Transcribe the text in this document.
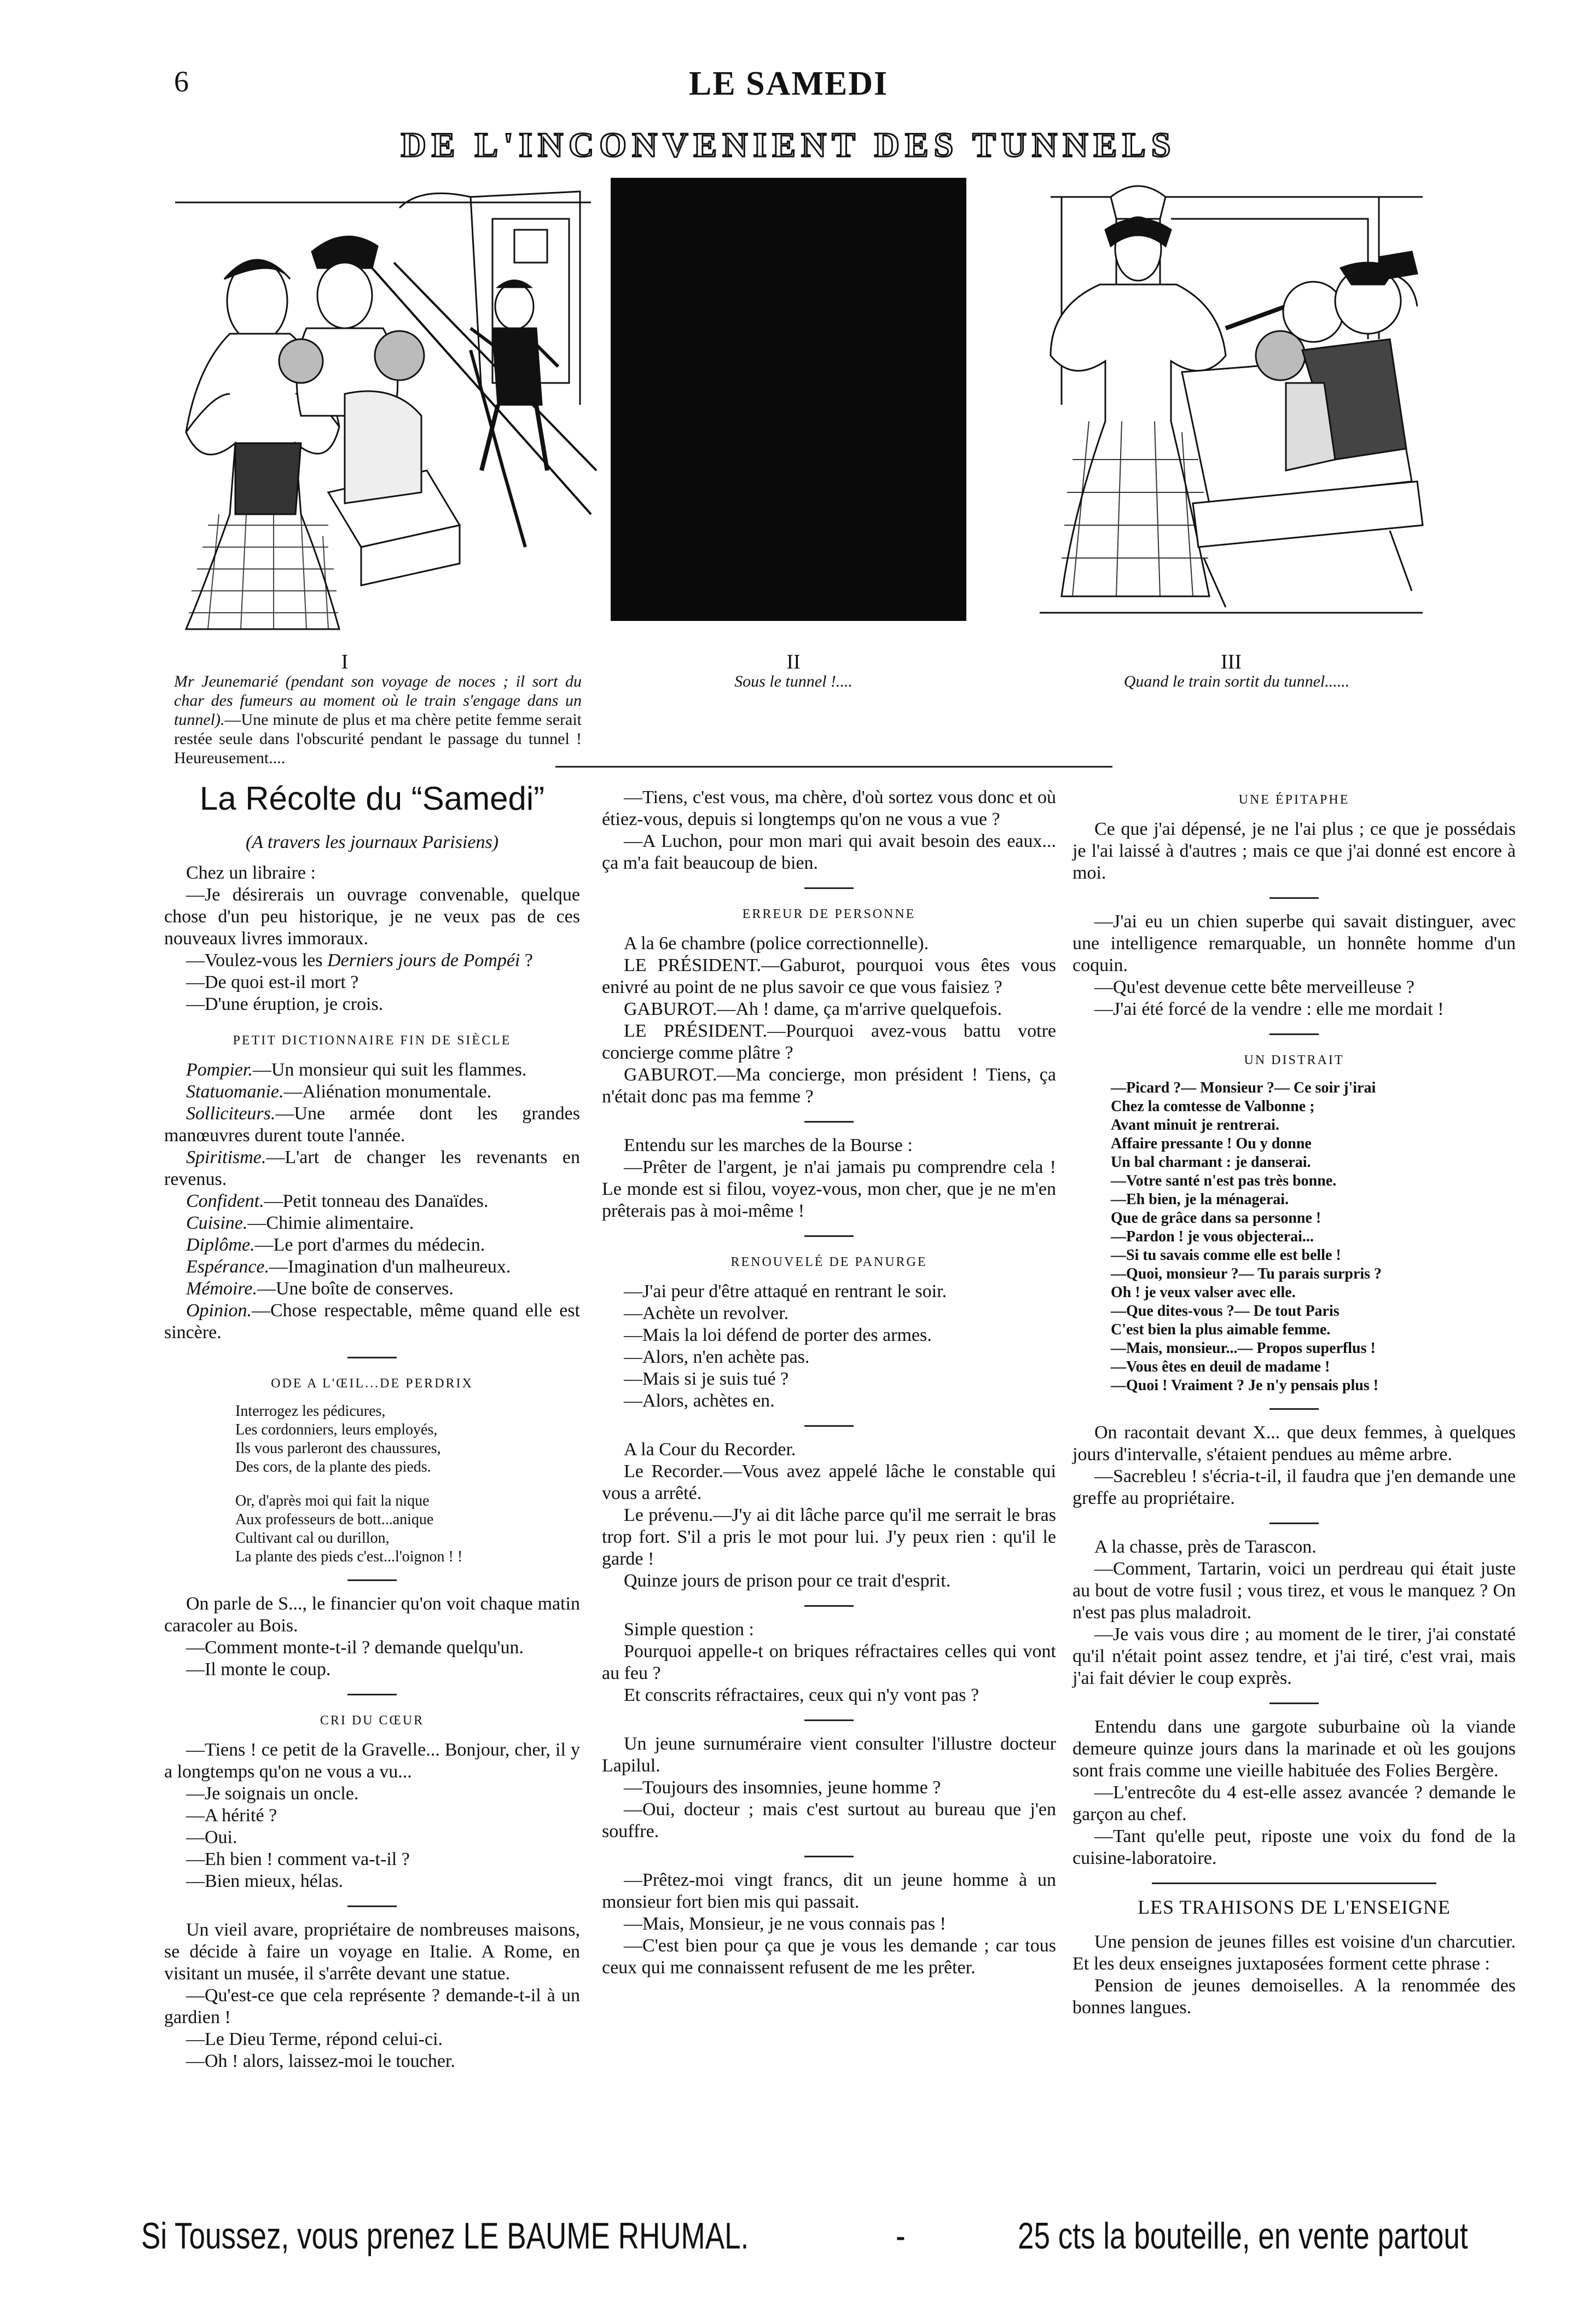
6	LE SAMEDI
DE L'INCONVENIENT DES TUNNELS
I
Mr Jeunemarié (pendant son voyage de noces ; il sort du char des fumeurs au moment où le train s'engage dans un tunnel).—Une minute de plus et ma chère petite femme serait restée seule dans l'obscurité pendant le passage du tunnel ! Heureusement....
II
Sous le tunnel !....
III
Quand le train sortit du tunnel......
La Récolte du “Samedi”
(A travers les journaux Parisiens)

Chez un libraire :

—Je désirerais un ouvrage convenable, quelque chose d'un peu historique, je ne veux pas de ces nouveaux livres immoraux.

—Voulez-vous les Derniers jours de Pompéi ?

—De quoi est-il mort ?

—D'une éruption, je crois.

PETIT DICTIONNAIRE FIN DE SIÈCLE

Pompier.—Un monsieur qui suit les flammes.

Statuomanie.—Aliénation monumentale.

Solliciteurs.—Une armée dont les grandes manœuvres durent toute l'année.

Spiritisme.—L'art de changer les revenants en revenus.

Confident.—Petit tonneau des Danaïdes.

Cuisine.—Chimie alimentaire.

Diplôme.—Le port d'armes du médecin.

Espérance.—Imagination d'un malheureux.

Mémoire.—Une boîte de conserves.

Opinion.—Chose respectable, même quand elle est sincère.

ODE A L'ŒIL...DE PERDRIX
Interrogez les pédicures,
Les cordonniers, leurs employés,
Ils vous parleront des chaussures,
Des cors, de la plante des pieds.
Or, d'après moi qui fait la nique
Aux professeurs de bott...anique
Cultivant cal ou durillon,
La plante des pieds c'est...l'oignon ! !

On parle de S..., le financier qu'on voit chaque matin caracoler au Bois.

—Comment monte-t-il ? demande quelqu'un.

—Il monte le coup.

CRI DU CŒUR

—Tiens ! ce petit de la Gravelle... Bonjour, cher, il y a longtemps qu'on ne vous a vu...

—Je soignais un oncle.

—A hérité ?

—Oui.

—Eh bien ! comment va-t-il ?

—Bien mieux, hélas.

Un vieil avare, propriétaire de nombreuses maisons, se décide à faire un voyage en Italie. A Rome, en visitant un musée, il s'arrête devant une statue.

—Qu'est-ce que cela représente ? demande-t-il à un gardien !

—Le Dieu Terme, répond celui-ci.

—Oh ! alors, laissez-moi le toucher.

—Tiens, c'est vous, ma chère, d'où sortez vous donc et où étiez-vous, depuis si longtemps qu'on ne vous a vue ?

—A Luchon, pour mon mari qui avait besoin des eaux... ça m'a fait beaucoup de bien.

ERREUR DE PERSONNE

A la 6e chambre (police correctionnelle).

LE PRÉSIDENT.—Gaburot, pourquoi vous êtes vous enivré au point de ne plus savoir ce que vous faisiez ?

GABUROT.—Ah ! dame, ça m'arrive quelquefois.

LE PRÉSIDENT.—Pourquoi avez-vous battu votre concierge comme plâtre ?

GABUROT.—Ma concierge, mon président ! Tiens, ça n'était donc pas ma femme ?

Entendu sur les marches de la Bourse :

—Prêter de l'argent, je n'ai jamais pu comprendre cela ! Le monde est si filou, voyez-vous, mon cher, que je ne m'en prêterais pas à moi-même !

RENOUVELÉ DE PANURGE

—J'ai peur d'être attaqué en rentrant le soir.

—Achète un revolver.

—Mais la loi défend de porter des armes.

—Alors, n'en achète pas.

—Mais si je suis tué ?

—Alors, achètes en.

A la Cour du Recorder.

Le Recorder.—Vous avez appelé lâche le constable qui vous a arrêté.

Le prévenu.—J'y ai dit lâche parce qu'il me serrait le bras trop fort. S'il a pris le mot pour lui. J'y peux rien : qu'il le garde !

Quinze jours de prison pour ce trait d'esprit.

Simple question :

Pourquoi appelle-t on briques réfractaires celles qui vont au feu ?

Et conscrits réfractaires, ceux qui n'y vont pas ?

Un jeune surnuméraire vient consulter l'illustre docteur Lapilul.

—Toujours des insomnies, jeune homme ?

—Oui, docteur ; mais c'est surtout au bureau que j'en souffre.

—Prêtez-moi vingt francs, dit un jeune homme à un monsieur fort bien mis qui passait.

—Mais, Monsieur, je ne vous connais pas !

—C'est bien pour ça que je vous les demande ; car tous ceux qui me connaissent refusent de me les prêter.

UNE ÉPITAPHE

Ce que j'ai dépensé, je ne l'ai plus ; ce que je possédais je l'ai laissé à d'autres ; mais ce que j'ai donné est encore à moi.

—J'ai eu un chien superbe qui savait distinguer, avec une intelligence remarquable, un honnête homme d'un coquin.

—Qu'est devenue cette bête merveilleuse ?

—J'ai été forcé de la vendre : elle me mordait !

UN DISTRAIT
—Picard ?— Monsieur ?— Ce soir j'irai
Chez la comtesse de Valbonne ;
Avant minuit je rentrerai.
Affaire pressante ! Ou y donne
Un bal charmant : je danserai.
—Votre santé n'est pas très bonne.
—Eh bien, je la ménagerai.
Que de grâce dans sa personne !
—Pardon ! je vous objecterai...
—Si tu savais comme elle est belle !
—Quoi, monsieur ?— Tu parais surpris ?
Oh ! je veux valser avec elle.
—Que dites-vous ?— De tout Paris
C'est bien la plus aimable femme.
—Mais, monsieur...— Propos superflus !
—Vous êtes en deuil de madame !
—Quoi ! Vraiment ? Je n'y pensais plus !

On racontait devant X... que deux femmes, à quelques jours d'intervalle, s'étaient pendues au même arbre.

—Sacrebleu ! s'écria-t-il, il faudra que j'en demande une greffe au propriétaire.

A la chasse, près de Tarascon.

—Comment, Tartarin, voici un perdreau qui était juste au bout de votre fusil ; vous tirez, et vous le manquez ? On n'est pas plus maladroit.

—Je vais vous dire ; au moment de le tirer, j'ai constaté qu'il n'était point assez tendre, et j'ai tiré, c'est vrai, mais j'ai fait dévier le coup exprès.

Entendu dans une gargote suburbaine où la viande demeure quinze jours dans la marinade et où les goujons sont frais comme une vieille habituée des Folies Bergère.

—L'entrecôte du 4 est-elle assez avancée ? demande le garçon au chef.

—Tant qu'elle peut, riposte une voix du fond de la cuisine-laboratoire.

LES TRAHISONS DE L'ENSEIGNE

Une pension de jeunes filles est voisine d'un charcutier. Et les deux enseignes juxtaposées forment cette phrase :

Pension de jeunes demoiselles. A la renommée des bonnes langues.

Si Toussez, vous prenez LE BAUME RHUMAL.	-	25 cts la bouteille, en vente partout
